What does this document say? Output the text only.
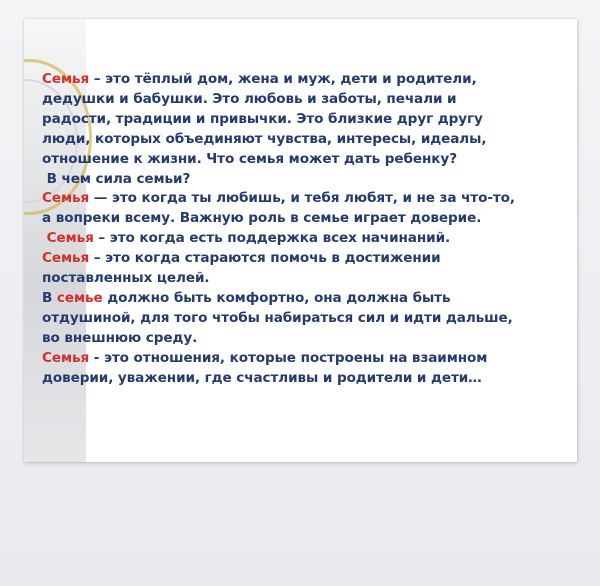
Семья – это тёплый дом, жена и муж, дети и родители,
дедушки и бабушки. Это любовь и заботы, печали и
радости, традиции и привычки. Это близкие друг другу
люди, которых объединяют чувства, интересы, идеалы,
отношение к жизни. Что семья может дать ребенку?
В чем сила семьи?
Семья — это когда ты любишь, и тебя любят, и не за что-то,
а вопреки всему. Важную роль в семье играет доверие.
Семья – это когда есть поддержка всех начинаний.
Семья – это когда стараются помочь в достижении
поставленных целей.
В семье должно быть комфортно, она должна быть
отдушиной, для того чтобы набираться сил и идти дальше,
во внешнюю среду.
Семья - это отношения, которые построены на взаимном
доверии, уважении, где счастливы и родители и дети…
